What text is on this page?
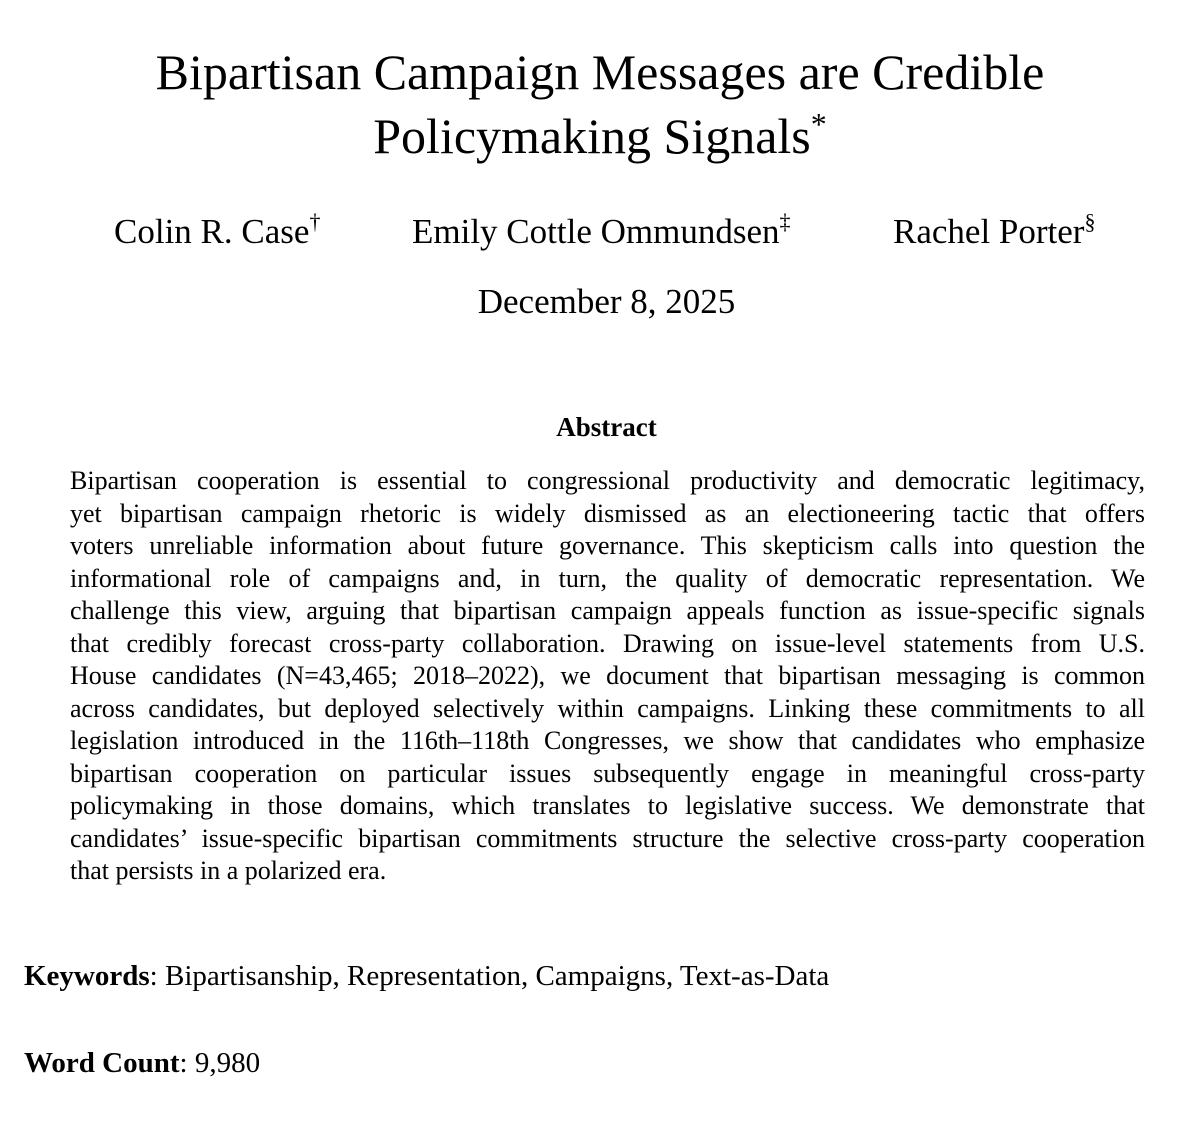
Bipartisan Campaign Messages are Credible
Policymaking Signals*
Colin R. Case†	Emily Cottle Ommundsen‡	Rachel Porter§
December 8, 2025
Abstract
Bipartisan cooperation is essential to congressional productivity and democratic legitimacy,
yet bipartisan campaign rhetoric is widely dismissed as an electioneering tactic that offers
voters unreliable information about future governance. This skepticism calls into question the
informational role of campaigns and, in turn, the quality of democratic representation. We
challenge this view, arguing that bipartisan campaign appeals function as issue-specific signals
that credibly forecast cross-party collaboration. Drawing on issue-level statements from U.S.
House candidates (N=43,465; 2018–2022), we document that bipartisan messaging is common
across candidates, but deployed selectively within campaigns. Linking these commitments to all
legislation introduced in the 116th–118th Congresses, we show that candidates who emphasize
bipartisan cooperation on particular issues subsequently engage in meaningful cross-party
policymaking in those domains, which translates to legislative success. We demonstrate that
candidates’ issue-specific bipartisan commitments structure the selective cross-party cooperation
that persists in a polarized era.
Keywords: Bipartisanship, Representation, Campaigns, Text-as-Data
Word Count: 9,980
